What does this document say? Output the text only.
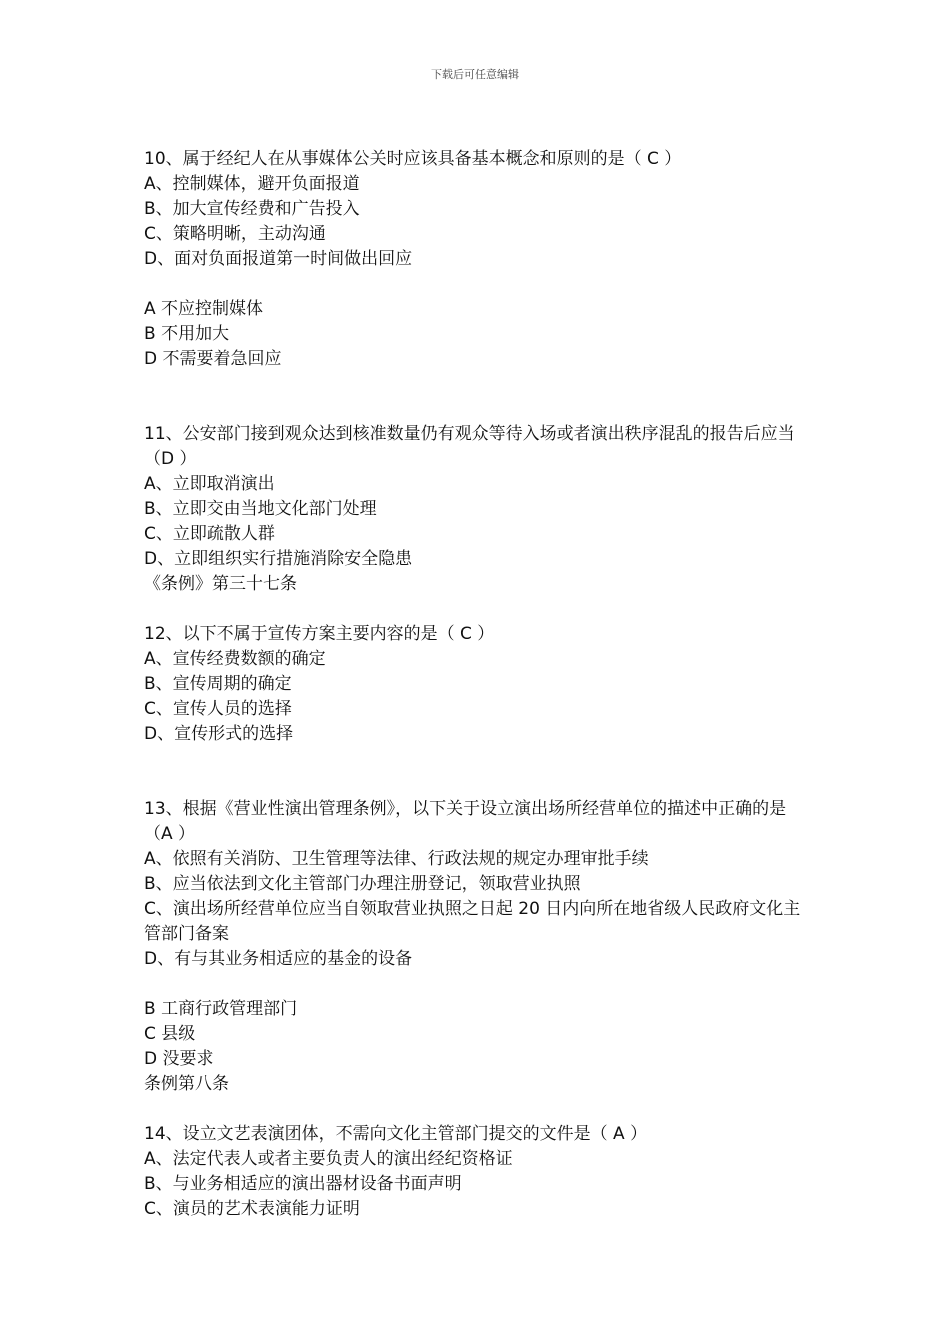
下载后可任意编辑
10、属于经纪人在从事媒体公关时应该具备基本概念和原则的是（ C ）
A、控制媒体，避开负面报道
B、加大宣传经费和广告投入
C、策略明晰，主动沟通
D、面对负面报道第一时间做出回应
A 不应控制媒体
B 不用加大
D 不需要着急回应
11、公安部门接到观众达到核准数量仍有观众等待入场或者演出秩序混乱的报告后应当（D ）
A、立即取消演出
B、立即交由当地文化部门处理
C、立即疏散人群
D、立即组织实行措施消除安全隐患
《条例》第三十七条
12、以下不属于宣传方案主要内容的是（ C ）
A、宣传经费数额的确定
B、宣传周期的确定
C、宣传人员的选择
D、宣传形式的选择
13、根据《营业性演出管理条例》，以下关于设立演出场所经营单位的描述中正确的是（A ）
A、依照有关消防、卫生管理等法律、行政法规的规定办理审批手续
B、应当依法到文化主管部门办理注册登记，领取营业执照
C、演出场所经营单位应当自领取营业执照之日起 20 日内向所在地省级人民政府文化主管部门备案
D、有与其业务相适应的基金的设备
B 工商行政管理部门
C 县级
D 没要求
条例第八条
14、设立文艺表演团体，不需向文化主管部门提交的文件是（ A ）
A、法定代表人或者主要负责人的演出经纪资格证
B、与业务相适应的演出器材设备书面声明
C、演员的艺术表演能力证明
